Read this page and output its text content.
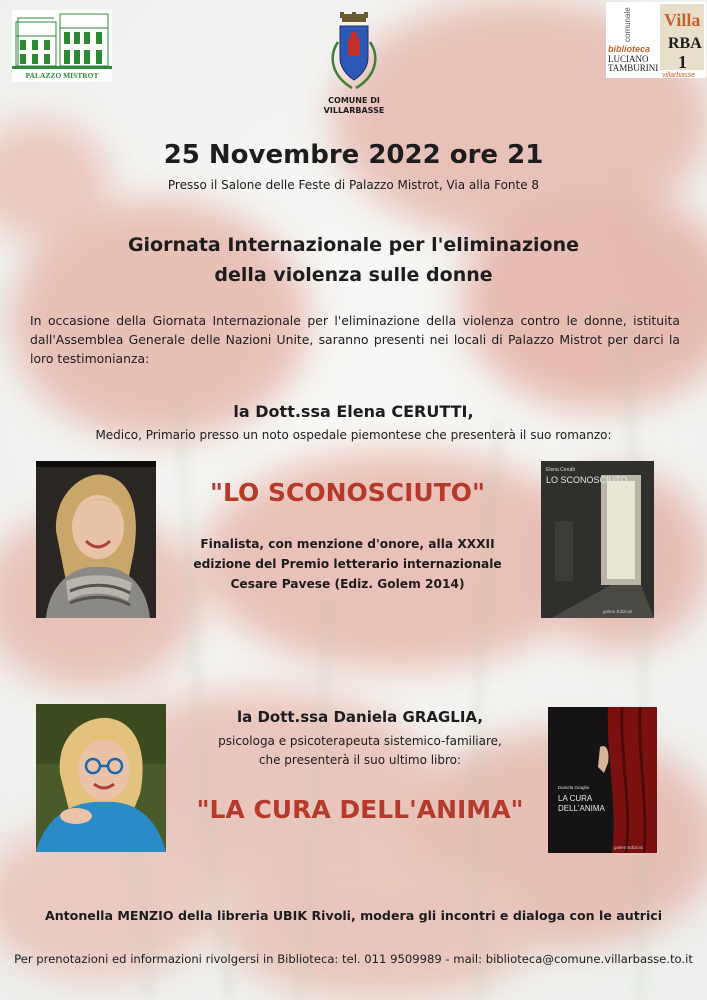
PALAZZO MISTROT
COMUNE DI
VILLARBASSE
Villa
RBA
1
biblioteca
comunale
LUCIANO
TAMBURINI
villarbasse
25 Novembre 2022 ore 21
Presso il Salone delle Feste di Palazzo Mistrot, Via alla Fonte 8
Giornata Internazionale per l'eliminazione
della violenza sulle donne
In occasione della Giornata Internazionale per l'eliminazione della violenza contro le donne, istituita dall'Assemblea Generale delle Nazioni Unite, saranno presenti nei locali di Palazzo Mistrot per darci la loro testimonianza:
la Dott.ssa Elena CERUTTI,
Medico, Primario presso un noto ospedale piemontese che presenterà il suo romanzo:
"LO SCONOSCIUTO"
Finalista, con menzione d'onore, alla XXXII
edizione del Premio letterario internazionale
Cesare Pavese (Ediz. Golem 2014)
Elena Cerutti
LO SCONOSCIUTO
golem Edizioni
la Dott.ssa Daniela GRAGLIA,
psicologa e psicoterapeuta sistemico-familiare,
che presenterà il suo ultimo libro:
"LA CURA DELL'ANIMA"
Daniela Graglia
LA CURA
DELL'ANIMA
golem Edizioni
Antonella MENZIO della libreria UBIK Rivoli, modera gli incontri e dialoga con le autrici
Per prenotazioni ed informazioni rivolgersi in Biblioteca: tel. 011 9509989 - mail: biblioteca@comune.villarbasse.to.it
